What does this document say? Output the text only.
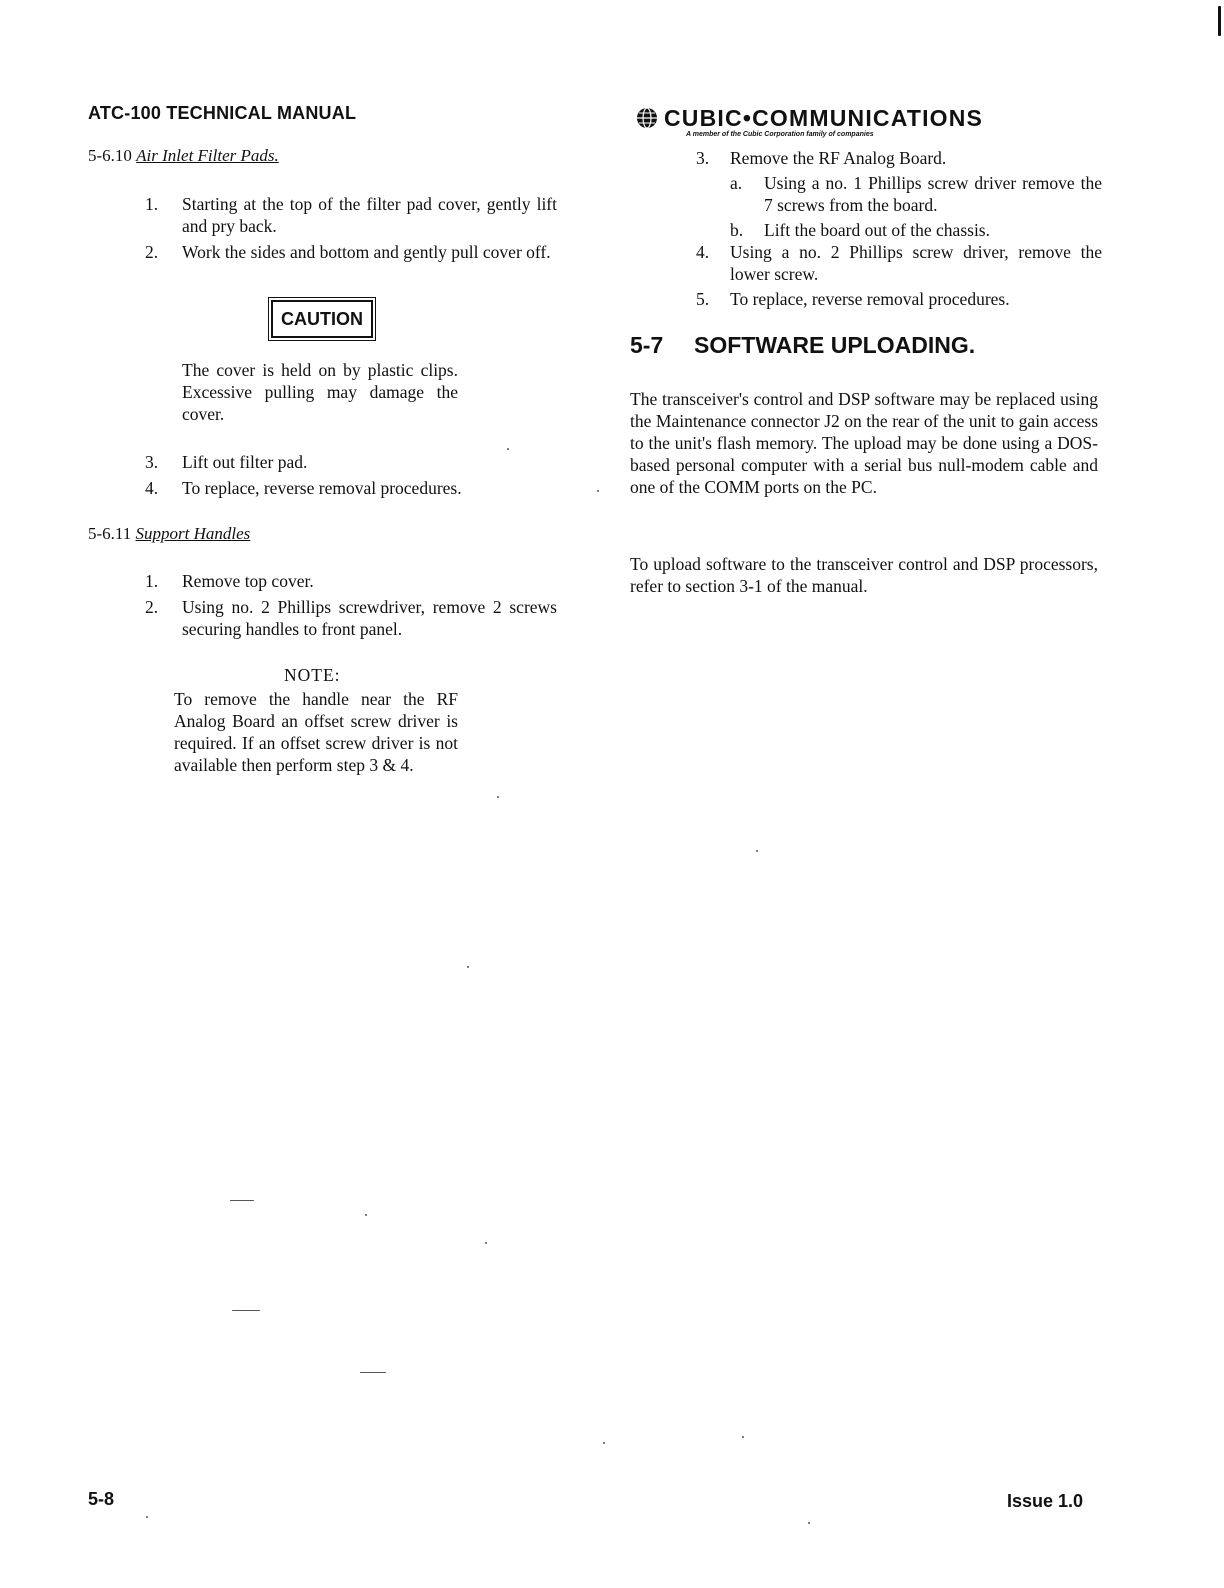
ATC-100 TECHNICAL MANUAL	CUBIC•COMMUNICATIONS
A member of the Cubic Corporation family of companies
5-6.10 Air Inlet Filter Pads.
1.	Starting at the top of the filter pad cover, gently lift and pry back.
2.	Work the sides and bottom and gently pull cover off.
CAUTION
The cover is held on by plastic clips. Excessive pulling may damage the cover.
3.	Lift out filter pad.
4.	To replace, reverse removal procedures.
5-6.11 Support Handles
1.	Remove top cover.
2.	Using no. 2 Phillips screwdriver, remove 2 screws securing handles to front panel.
NOTE:
To remove the handle near the RF Analog Board an offset screw driver is required. If an offset screw driver is not available then perform step 3 & 4.
3.	Remove the RF Analog Board.
a.	Using a no. 1 Phillips screw driver remove the 7 screws from the board.
b.	Lift the board out of the chassis.
4.	Using a no. 2 Phillips screw driver, remove the lower screw.
5.	To replace, reverse removal procedures.
5-7 SOFTWARE UPLOADING.
The transceiver's control and DSP software may be replaced using the Maintenance connector J2 on the rear of the unit to gain access to the unit's flash memory. The upload may be done using a DOS-based personal computer with a serial bus null-modem cable and one of the COMM ports on the PC.
To upload software to the transceiver control and DSP processors, refer to section 3-1 of the manual.
5-8	Issue 1.0
